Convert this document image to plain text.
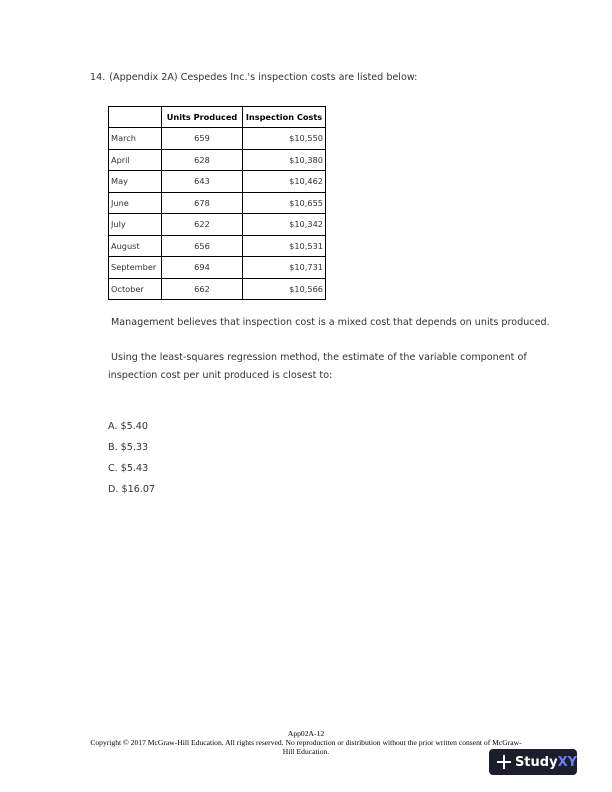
14. (Appendix 2A) Cespedes Inc.'s inspection costs are listed below:
	Units Produced	Inspection Costs
March	659	$10,550
April	628	$10,380
May	643	$10,462
June	678	$10,655
July	622	$10,342
August	656	$10,531
September	694	$10,731
October	662	$10,566
Management believes that inspection cost is a mixed cost that depends on units produced.
Using the least-squares regression method, the estimate of the variable component of inspection cost per unit produced is closest to:
A. $5.40
B. $5.33
C. $5.43
D. $16.07
App02A-12
Copyright © 2017 McGraw-Hill Education. All rights reserved. No reproduction or distribution without the prior written consent of McGraw-Hill Education.
Study XY
